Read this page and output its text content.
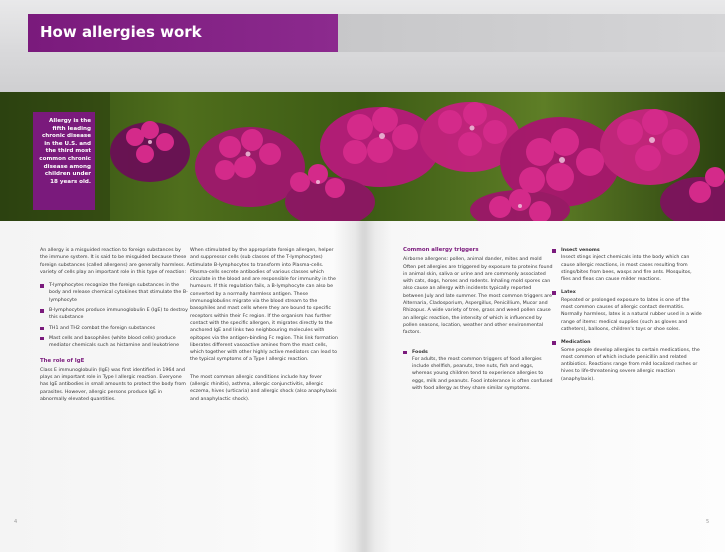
How allergies work
Allergy is the fifth leading chronic disease in the U.S. and the third most common chronic disease among children under 18 years old.

An allergy is a misguided reaction to foreign substances by the immune system. It is said to be misguided because these foreign substances (called allergens) are generally harmless. A variety of cells play an important role in this type of reaction:

T-lymphocytes recognize the foreign substances in the body and release chemical cytokines that stimulate the B-lymphocyte
B-lymphocytes produce immunoglobulin E (IgE) to destroy this substance
TH1 and TH2 combat the foreign substances
Mast cells and basophiles (white blood cells) produce mediator chemicals such as histamine and leukotriene
The role of IgE

Class E immunoglobulin (IgE) was first identified in 1964 and plays an important role in Type I allergic reaction. Everyone has IgE antibodies in small amounts to protect the body from parasites. However, allergic persons produce IgE in abnormally elevated quantities.

When stimulated by the appropriate foreign allergen, helper and suppressor cells (sub classes of the T-lymphocytes) stimulate B-lymphocytes to transform into Plasma-cells. Plasma-cells secrete antibodies of various classes which circulate in the blood and are responsible for immunity in the humours. If this regulation fails, a B-lymphocyte can also be converted by a normally harmless antigen. These immunoglobulins migrate via the blood stream to the basophiles and mast cells where they are bound to specific receptors within their Fc region. If the organism has further contact with the specific allergen, it migrates directly to the anchored IgE and links two neighbouring molecules with epitopes via the antigen-binding Fc region. This link formation liberates different vasoactive amines from the mast cells, which together with other highly active mediators can lead to the typical symptoms of a Type I allergic reaction.

The most common allergic conditions include hay fever (allergic rhinitis), asthma, allergic conjunctivitis, allergic eczema, hives (urticaria) and allergic shock (also anaphylaxis and anaphylactic shock).

Common allergy triggers

Airborne allergens: pollen, animal dander, mites and mold

Often pet allergies are triggered by exposure to proteins found in animal skin, saliva or urine and are commonly associated with cats, dogs, horses and rodents. Inhaling mold spores can also cause an allergy with incidents typically reported between July and late summer. The most common triggers are Alternaria, Cladosporium, Aspergillus, Penicillium, Mucor and Rhizopus. A wide variety of tree, grass and weed pollen cause an allergic reaction, the intensity of which is influenced by pollen seasons, location, weather and other environmental factors.

Foods

For adults, the most common triggers of food allergies include shellfish, peanuts, tree nuts, fish and eggs, whereas young children tend to experience allergies to eggs, milk and peanuts. Food intolerance is often confused with food allergy as they share similar symptoms.

Insect venoms

Insect stings inject chemicals into the body which can cause allergic reactions, in most cases resulting from stings/bites from bees, wasps and fire ants. Mosquitos, flies and fleas can cause milder reactions.

Latex

Repeated or prolonged exposure to latex is one of the most common causes of allergic contact dermatitis. Normally harmless, latex is a natural rubber used in a wide range of items: medical supplies (such as gloves and catheters), balloons, children's toys or shoe soles.

Medication

Some people develop allergies to certain medications, the most common of which include penicillin and related antibiotics. Reactions range from mild localized rashes or hives to life-threatening severe allergic reaction (anaphylaxis).

4	5
